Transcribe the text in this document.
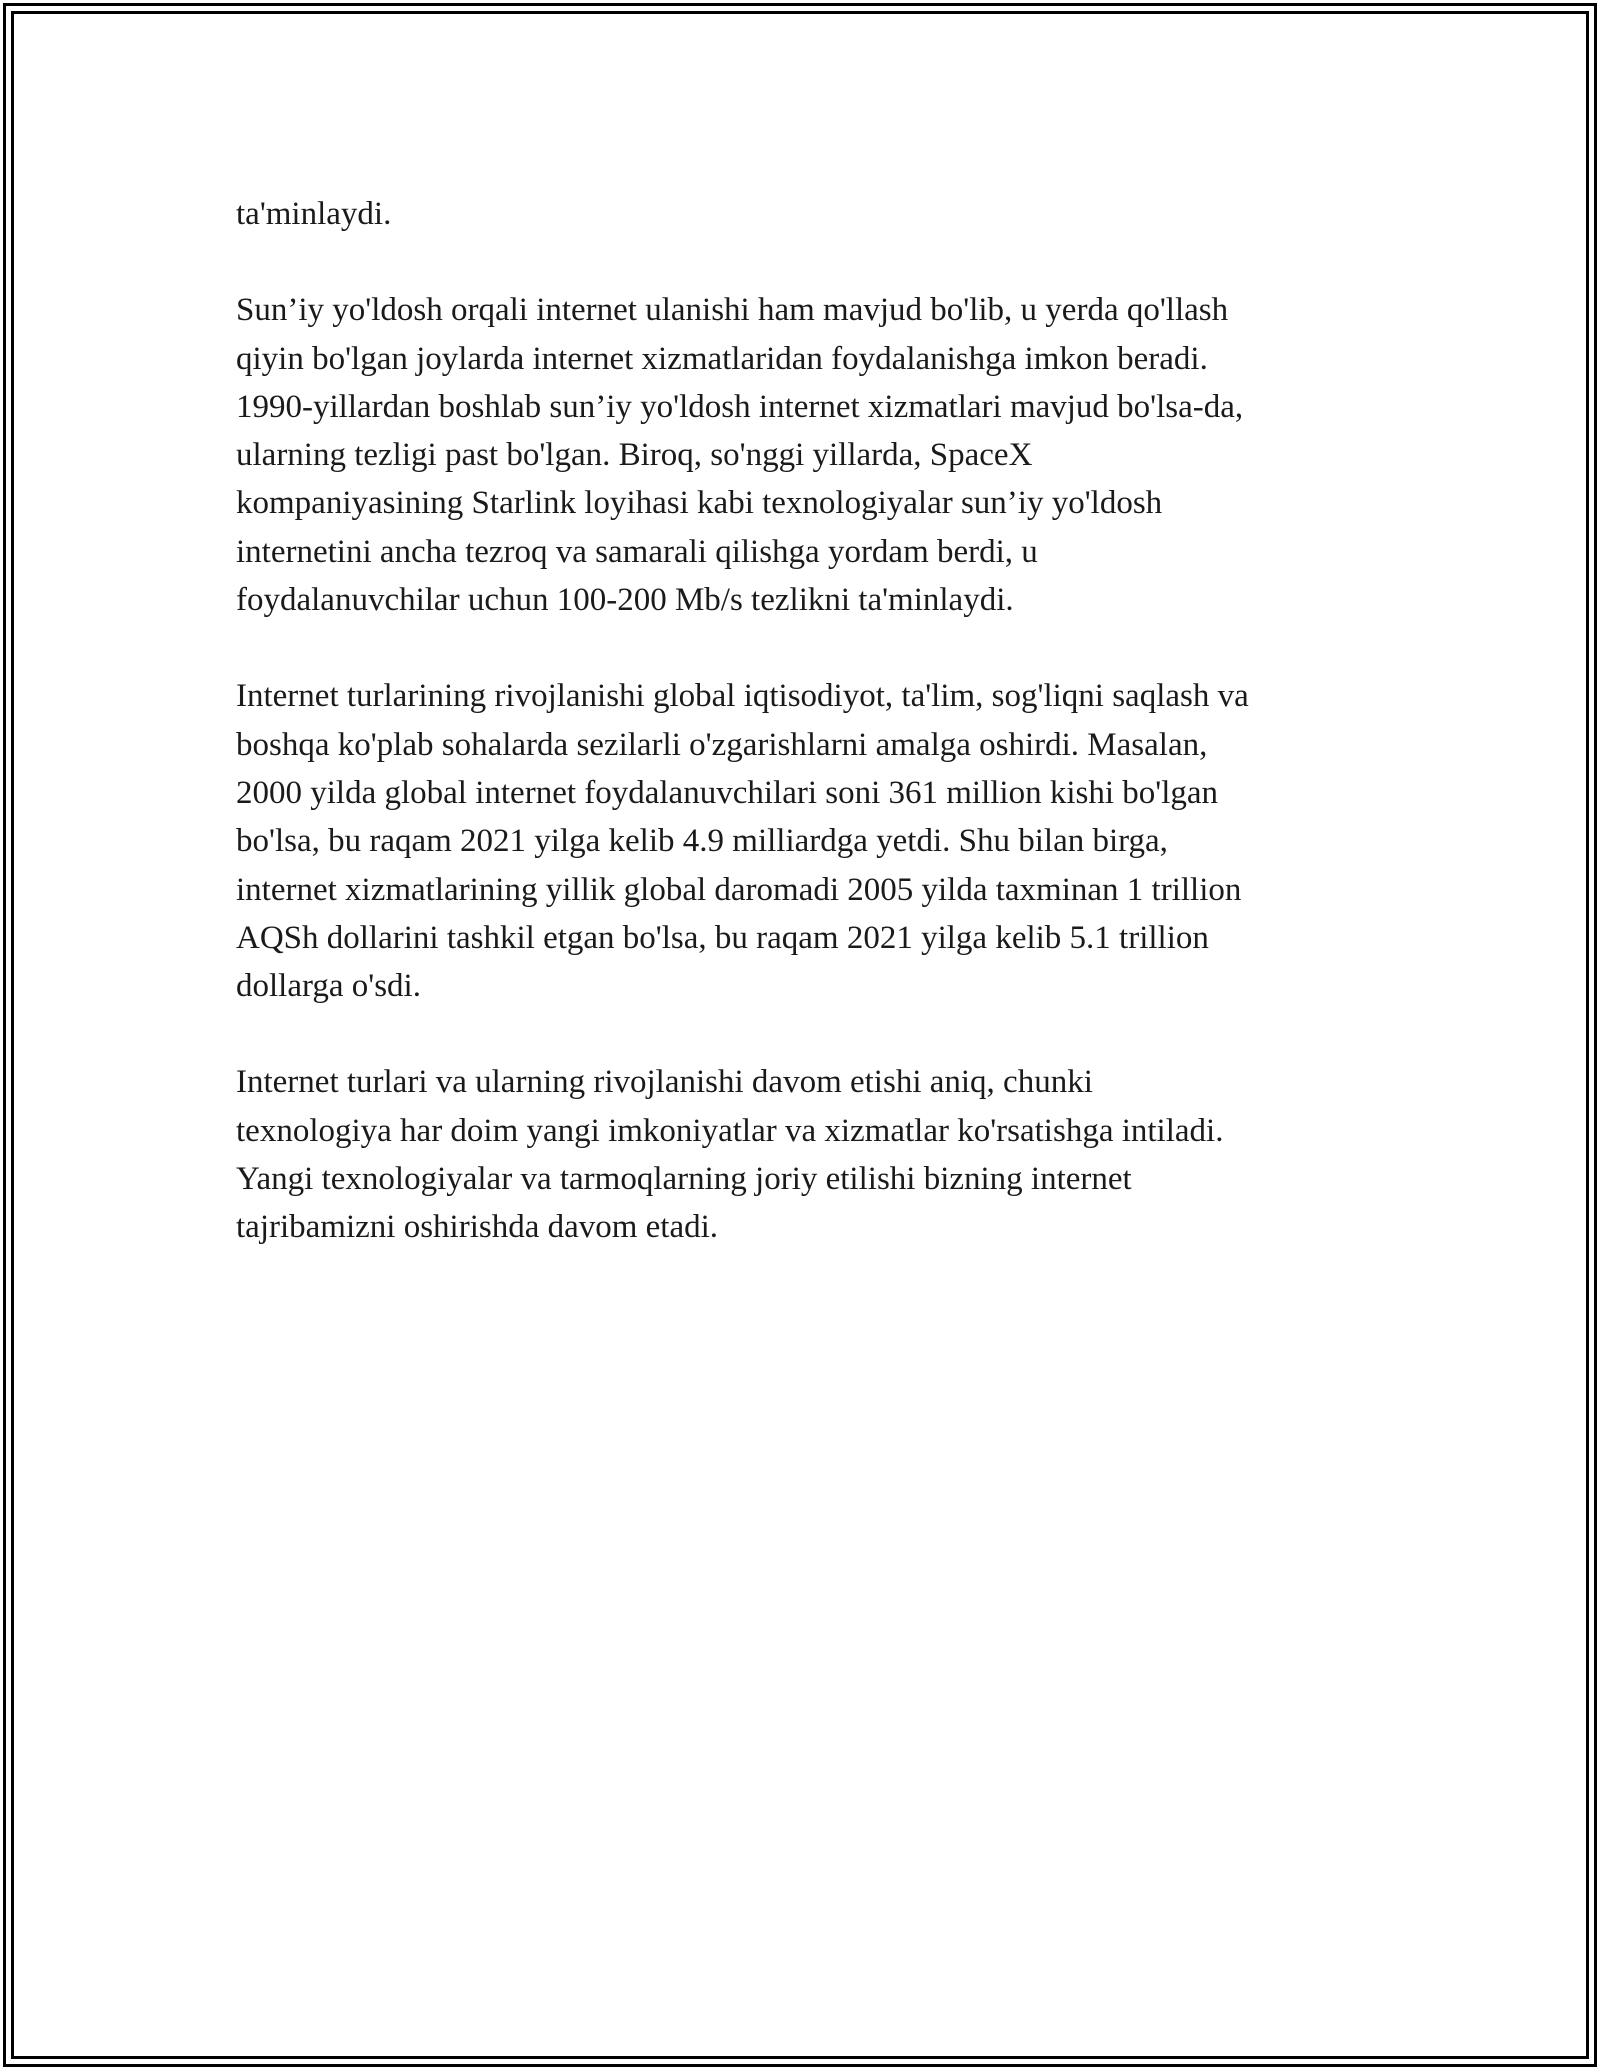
ta'minlaydi.

Sun’iy yo'ldosh orqali internet ulanishi ham mavjud bo'lib, u yerda qo'llash
qiyin bo'lgan joylarda internet xizmatlaridan foydalanishga imkon beradi.
1990-yillardan boshlab sun’iy yo'ldosh internet xizmatlari mavjud bo'lsa-da,
ularning tezligi past bo'lgan. Biroq, so'nggi yillarda, SpaceX
kompaniyasining Starlink loyihasi kabi texnologiyalar sun’iy yo'ldosh
internetini ancha tezroq va samarali qilishga yordam berdi, u
foydalanuvchilar uchun 100-200 Mb/s tezlikni ta'minlaydi.

Internet turlarining rivojlanishi global iqtisodiyot, ta'lim, sog'liqni saqlash va
boshqa ko'plab sohalarda sezilarli o'zgarishlarni amalga oshirdi. Masalan,
2000 yilda global internet foydalanuvchilari soni 361 million kishi bo'lgan
bo'lsa, bu raqam 2021 yilga kelib 4.9 milliardga yetdi. Shu bilan birga,
internet xizmatlarining yillik global daromadi 2005 yilda taxminan 1 trillion
AQSh dollarini tashkil etgan bo'lsa, bu raqam 2021 yilga kelib 5.1 trillion
dollarga o'sdi.

Internet turlari va ularning rivojlanishi davom etishi aniq, chunki
texnologiya har doim yangi imkoniyatlar va xizmatlar ko'rsatishga intiladi.
Yangi texnologiyalar va tarmoqlarning joriy etilishi bizning internet
tajribamizni oshirishda davom etadi.
